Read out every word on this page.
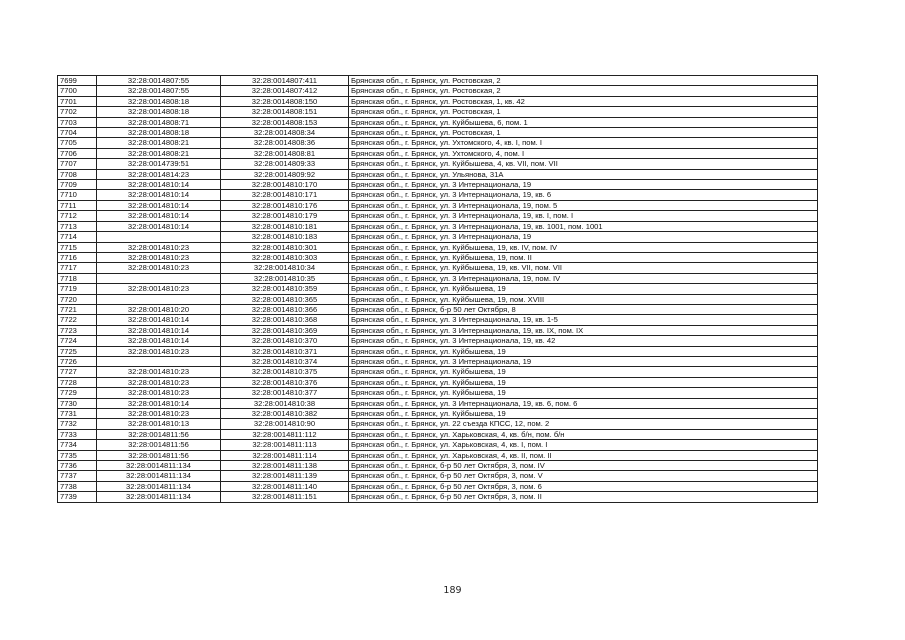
7699	32:28:0014807:55	32:28:0014807:411	Брянская обл., г. Брянск, ул. Ростовская, 2
7700	32:28:0014807:55	32:28:0014807:412	Брянская обл., г. Брянск, ул. Ростовская, 2
7701	32:28:0014808:18	32:28:0014808:150	Брянская обл., г. Брянск, ул. Ростовская, 1, кв. 42
7702	32:28:0014808:18	32:28:0014808:151	Брянская обл., г. Брянск, ул. Ростовская, 1
7703	32:28:0014808:71	32:28:0014808:153	Брянская обл., г. Брянск, ул. Куйбышева, 6, пом. 1
7704	32:28:0014808:18	32:28:0014808:34	Брянская обл., г. Брянск, ул. Ростовская, 1
7705	32:28:0014808:21	32:28:0014808:36	Брянская обл., г. Брянск, ул. Ухтомского, 4, кв. I, пом. I
7706	32:28:0014808:21	32:28:0014808:81	Брянская обл., г. Брянск, ул. Ухтомского, 4, пом. I
7707	32:28:0014739:51	32:28:0014809:33	Брянская обл., г. Брянск, ул. Куйбышева, 4, кв. VII, пом. VII
7708	32:28:0014814:23	32:28:0014809:92	Брянская обл., г. Брянск, ул. Ульянова, 31А
7709	32:28:0014810:14	32:28:0014810:170	Брянская обл., г. Брянск, ул. 3 Интернационала, 19
7710	32:28:0014810:14	32:28:0014810:171	Брянская обл., г. Брянск, ул. 3 Интернационала, 19, кв. 6
7711	32:28:0014810:14	32:28:0014810:176	Брянская обл., г. Брянск, ул. 3 Интернационала, 19, пом. 5
7712	32:28:0014810:14	32:28:0014810:179	Брянская обл., г. Брянск, ул. 3 Интернационала, 19, кв. I, пом. I
7713	32:28:0014810:14	32:28:0014810:181	Брянская обл., г. Брянск, ул. 3 Интернационала, 19, кв. 1001, пом. 1001
7714		32:28:0014810:183	Брянская обл., г. Брянск, ул. 3 Интернационала, 19
7715	32:28:0014810:23	32:28:0014810:301	Брянская обл., г. Брянск, ул. Куйбышева, 19, кв. IV, пом. IV
7716	32:28:0014810:23	32:28:0014810:303	Брянская обл., г. Брянск, ул. Куйбышева, 19, пом. II
7717	32:28:0014810:23	32:28:0014810:34	Брянская обл., г. Брянск, ул. Куйбышева, 19, кв. VII, пом. VII
7718		32:28:0014810:35	Брянская обл., г. Брянск, ул. 3 Интернационала, 19, пом. IV
7719	32:28:0014810:23	32:28:0014810:359	Брянская обл., г. Брянск, ул. Куйбышева, 19
7720		32:28:0014810:365	Брянская обл., г. Брянск, ул. Куйбышева, 19, пом. XVIII
7721	32:28:0014810:20	32:28:0014810:366	Брянская обл., г. Брянск, б-р 50 лет Октября, 8
7722	32:28:0014810:14	32:28:0014810:368	Брянская обл., г. Брянск, ул. 3 Интернационала, 19, кв. 1-5
7723	32:28:0014810:14	32:28:0014810:369	Брянская обл., г. Брянск, ул. 3 Интернационала, 19, кв. IX, пом. IX
7724	32:28:0014810:14	32:28:0014810:370	Брянская обл., г. Брянск, ул. 3 Интернационала, 19, кв. 42
7725	32:28:0014810:23	32:28:0014810:371	Брянская обл., г. Брянск, ул. Куйбышева, 19
7726		32:28:0014810:374	Брянская обл., г. Брянск, ул. 3 Интернационала, 19
7727	32:28:0014810:23	32:28:0014810:375	Брянская обл., г. Брянск, ул. Куйбышева, 19
7728	32:28:0014810:23	32:28:0014810:376	Брянская обл., г. Брянск, ул. Куйбышева, 19
7729	32:28:0014810:23	32:28:0014810:377	Брянская обл., г. Брянск, ул. Куйбышева, 19
7730	32:28:0014810:14	32:28:0014810:38	Брянская обл., г. Брянск, ул. 3 Интернационала, 19, кв. 6, пом. 6
7731	32:28:0014810:23	32:28:0014810:382	Брянская обл., г. Брянск, ул. Куйбышева, 19
7732	32:28:0014810:13	32:28:0014810:90	Брянская обл., г. Брянск, ул. 22 съезда КПСС, 12, пом. 2
7733	32:28:0014811:56	32:28:0014811:112	Брянская обл., г. Брянск, ул. Харьковская, 4, кв. б/н, пом. б/н
7734	32:28:0014811:56	32:28:0014811:113	Брянская обл., г. Брянск, ул. Харьковская, 4, кв. I, пом. I
7735	32:28:0014811:56	32:28:0014811:114	Брянская обл., г. Брянск, ул. Харьковская, 4, кв. II, пом. II
7736	32:28:0014811:134	32:28:0014811:138	Брянская обл., г. Брянск, б-р 50 лет Октября, 3, пом. IV
7737	32:28:0014811:134	32:28:0014811:139	Брянская обл., г. Брянск, б-р 50 лет Октября, 3, пом. V
7738	32:28:0014811:134	32:28:0014811:140	Брянская обл., г. Брянск, б-р 50 лет Октября, 3, пом. 6
7739	32:28:0014811:134	32:28:0014811:151	Брянская обл., г. Брянск, б-р 50 лет Октября, 3, пом. II
189
